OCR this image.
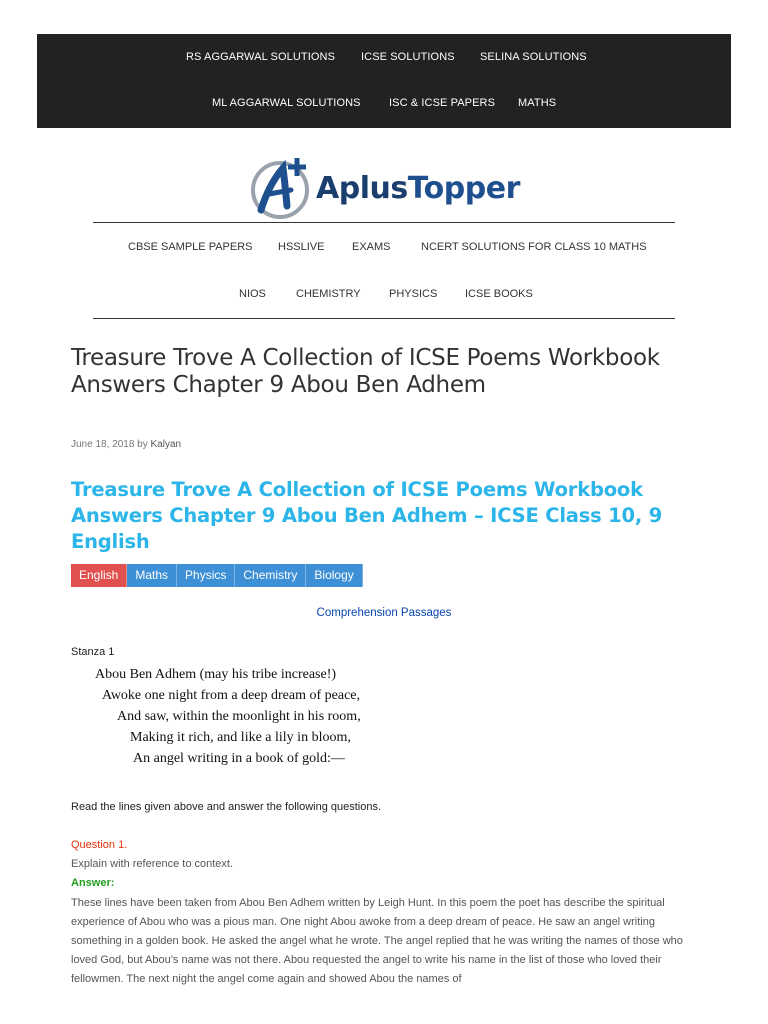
RS AGGARWAL SOLUTIONS ICSE SOLUTIONS SELINA SOLUTIONS
ML AGGARWAL SOLUTIONS	ISC & ICSE PAPERS MATHS
AplusTopper
CBSE SAMPLE PAPERS HSSLIVE	EXAMS	NCERT SOLUTIONS FOR CLASS 10 MATHS
NIOS	CHEMISTRY	PHYSICS	ICSE BOOKS
Treasure Trove A Collection of ICSE Poems Workbook Answers Chapter 9 Abou Ben Adhem
June 18, 2018 by Kalyan
Treasure Trove A Collection of ICSE Poems Workbook Answers Chapter 9 Abou Ben Adhem – ICSE Class 10, 9 English
English	Maths	Physics	Chemistry	Biology
Comprehension Passages
Stanza 1
Abou Ben Adhem (may his tribe increase!)
Awoke one night from a deep dream of peace,
And saw, within the moonlight in his room,
Making it rich, and like a lily in bloom,
An angel writing in a book of gold:—
Read the lines given above and answer the following questions.
Question 1.
Explain with reference to context.
Answer:

These lines have been taken from Abou Ben Adhem written by Leigh Hunt. In this poem the poet has describe the spiritual experience of Abou who was a pious man. One night Abou awoke from a deep dream of peace. He saw an angel writing something in a golden book. He asked the angel what he wrote. The angel replied that he was writing the names of those who loved God, but Abou’s name was not there. Abou requested the angel to write his name in the list of those who loved their fellowmen. The next night the angel come again and showed Abou the names of
